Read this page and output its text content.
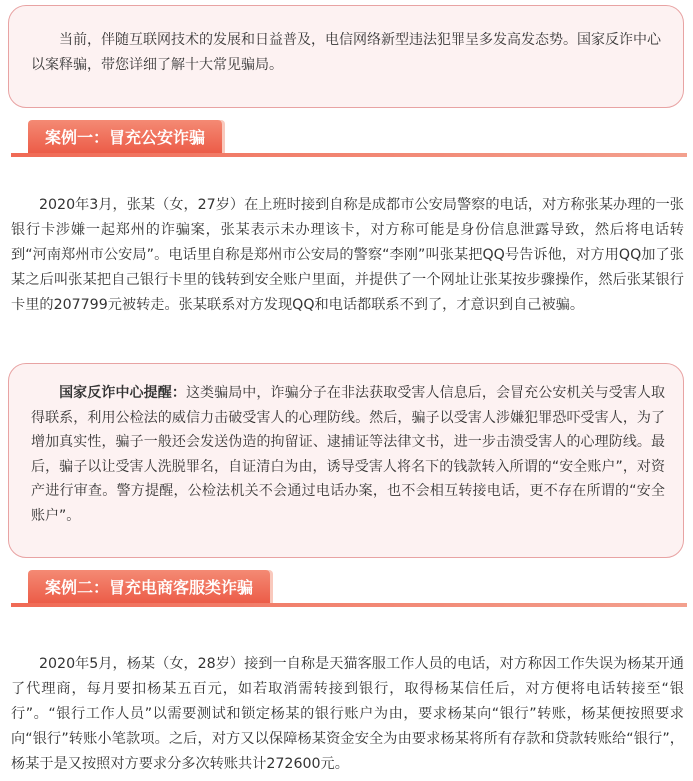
当前，伴随互联网技术的发展和日益普及，电信网络新型违法犯罪呈多发高发态势。国家反诈中心以案释骗，带您详细了解十大常见骗局。

案例一：冒充公安诈骗

2020年3月，张某（女，27岁）在上班时接到自称是成都市公安局警察的电话，对方称张某办理的一张银行卡涉嫌一起郑州的诈骗案，张某表示未办理该卡，对方称可能是身份信息泄露导致，然后将电话转到“河南郑州市公安局”。电话里自称是郑州市公安局的警察“李刚”叫张某把QQ号告诉他，对方用QQ加了张某之后叫张某把自己银行卡里的钱转到安全账户里面，并提供了一个网址让张某按步骤操作，然后张某银行卡里的207799元被转走。张某联系对方发现QQ和电话都联系不到了，才意识到自己被骗。

国家反诈中心提醒：这类骗局中，诈骗分子在非法获取受害人信息后，会冒充公安机关与受害人取得联系，利用公检法的威信力击破受害人的心理防线。然后，骗子以受害人涉嫌犯罪恐吓受害人，为了增加真实性，骗子一般还会发送伪造的拘留证、逮捕证等法律文书，进一步击溃受害人的心理防线。最后，骗子以让受害人洗脱罪名，自证清白为由，诱导受害人将名下的钱款转入所谓的“安全账户”，对资产进行审查。警方提醒，公检法机关不会通过电话办案，也不会相互转接电话，更不存在所谓的“安全账户”。

案例二：冒充电商客服类诈骗

2020年5月，杨某（女，28岁）接到一自称是天猫客服工作人员的电话，对方称因工作失误为杨某开通了代理商，每月要扣杨某五百元，如若取消需转接到银行，取得杨某信任后，对方便将电话转接至“银行”。“银行工作人员”以需要测试和锁定杨某的银行账户为由，要求杨某向“银行”转账，杨某便按照要求向“银行”转账小笔款项。之后，对方又以保障杨某资金安全为由要求杨某将所有存款和贷款转账给“银行”，杨某于是又按照对方要求分多次转账共计272600元。
